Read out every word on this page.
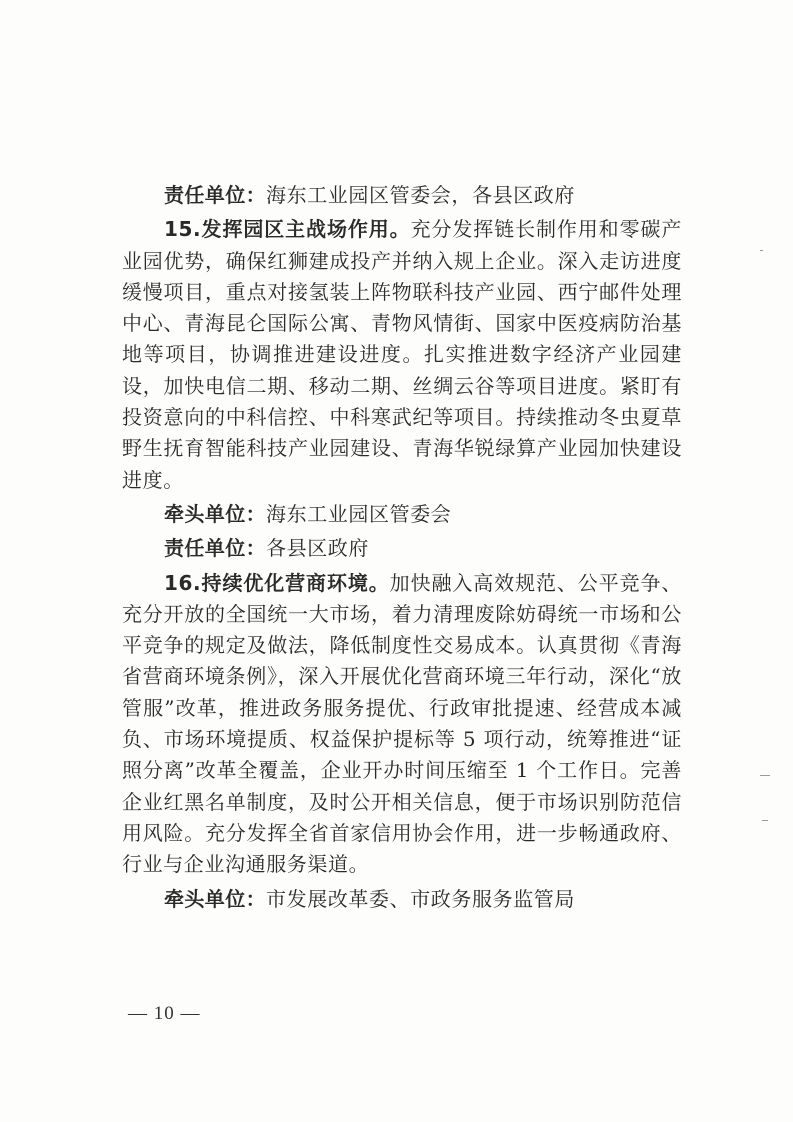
责任单位：海东工业园区管委会，各县区政府

15.发挥园区主战场作用。充分发挥链长制作用和零碳产业园优势，确保红狮建成投产并纳入规上企业。深入走访进度缓慢项目，重点对接氢装上阵物联科技产业园、西宁邮件处理中心、青海昆仑国际公寓、青物风情街、国家中医疫病防治基地等项目，协调推进建设进度。扎实推进数字经济产业园建设，加快电信二期、移动二期、丝绸云谷等项目进度。紧盯有投资意向的中科信控、中科寒武纪等项目。持续推动冬虫夏草野生抚育智能科技产业园建设、青海华锐绿算产业园加快建设进度。

牵头单位：海东工业园区管委会

责任单位：各县区政府

16.持续优化营商环境。加快融入高效规范、公平竞争、充分开放的全国统一大市场，着力清理废除妨碍统一市场和公平竞争的规定及做法，降低制度性交易成本。认真贯彻《青海省营商环境条例》，深入开展优化营商环境三年行动，深化“放管服”改革，推进政务服务提优、行政审批提速、经营成本减负、市场环境提质、权益保护提标等 5 项行动，统筹推进“证照分离”改革全覆盖，企业开办时间压缩至 1 个工作日。完善企业红黑名单制度，及时公开相关信息，便于市场识别防范信用风险。充分发挥全省首家信用协会作用，进一步畅通政府、行业与企业沟通服务渠道。

牵头单位：市发展改革委、市政务服务监管局

— 10 —
